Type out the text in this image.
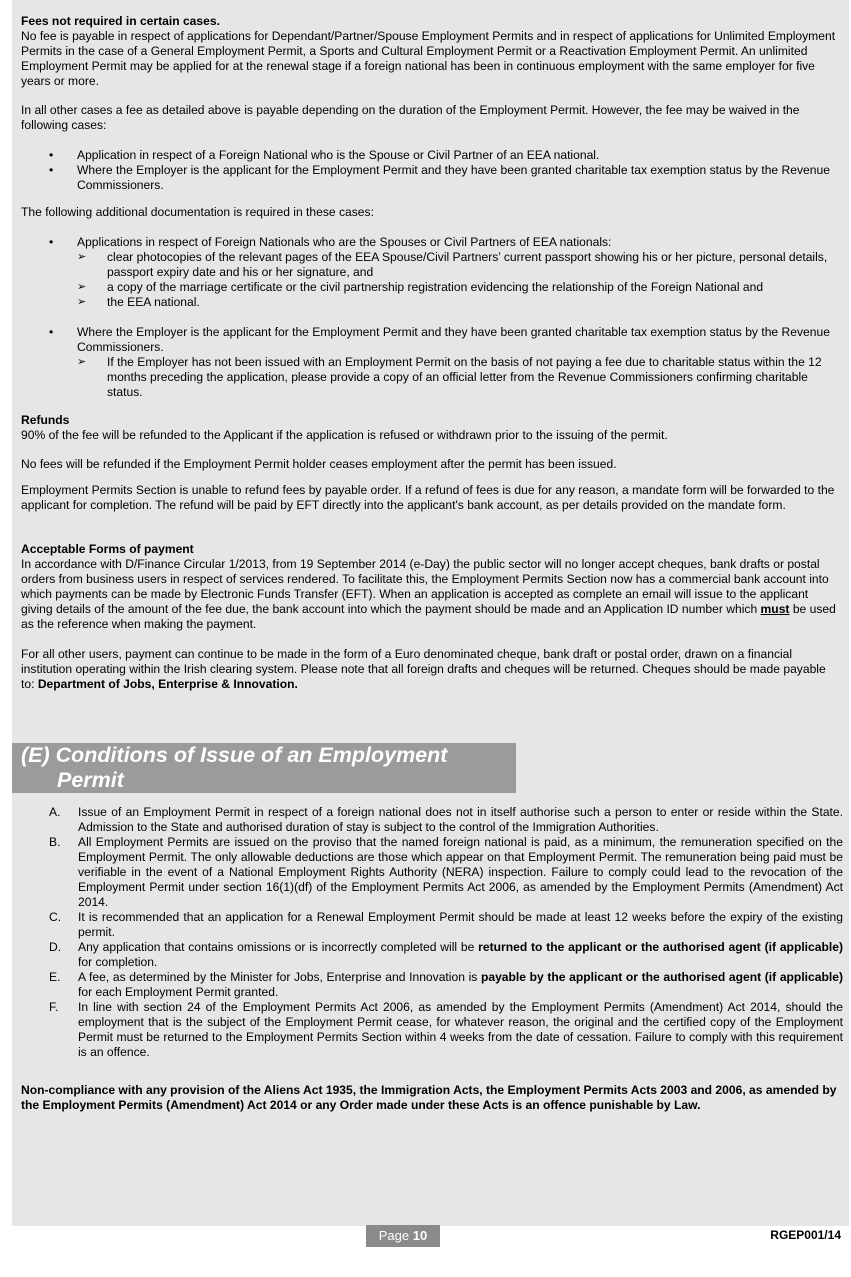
Fees not required in certain cases.

No fee is payable in respect of applications for Dependant/Partner/Spouse Employment Permits and in respect of applications for Unlimited Employment Permits in the case of a General Employment Permit, a Sports and Cultural Employment Permit or a Reactivation Employment Permit. An unlimited Employment Permit may be applied for at the renewal stage if a foreign national has been in continuous employment with the same employer for five years or more.

In all other cases a fee as detailed above is payable depending on the duration of the Employment Permit. However, the fee may be waived in the following cases:

• Application in respect of a Foreign National who is the Spouse or Civil Partner of an EEA national.
• Where the Employer is the applicant for the Employment Permit and they have been granted charitable tax exemption status by the Revenue Commissioners.

The following additional documentation is required in these cases:

• Applications in respect of Foreign Nationals who are the Spouses or Civil Partners of EEA nationals:
➢ clear photocopies of the relevant pages of the EEA Spouse/Civil Partners’ current passport showing his or her picture, personal details, passport expiry date and his or her signature, and
➢ a copy of the marriage certificate or the civil partnership registration evidencing the relationship of the Foreign National and
➢ the EEA national.
• Where the Employer is the applicant for the Employment Permit and they have been granted charitable tax exemption status by the Revenue Commissioners.
➢ If the Employer has not been issued with an Employment Permit on the basis of not paying a fee due to charitable status within the 12 months preceding the application, please provide a copy of an official letter from the Revenue Commissioners confirming charitable status.

Refunds

90% of the fee will be refunded to the Applicant if the application is refused or withdrawn prior to the issuing of the permit.

No fees will be refunded if the Employment Permit holder ceases employment after the permit has been issued.

Employment Permits Section is unable to refund fees by payable order. If a refund of fees is due for any reason, a mandate form will be forwarded to the applicant for completion. The refund will be paid by EFT directly into the applicant's bank account, as per details provided on the mandate form.

Acceptable Forms of payment

In accordance with D/Finance Circular 1/2013, from 19 September 2014 (e-Day) the public sector will no longer accept cheques, bank drafts or postal orders from business users in respect of services rendered. To facilitate this, the Employment Permits Section now has a commercial bank account into which payments can be made by Electronic Funds Transfer (EFT). When an application is accepted as complete an email will issue to the applicant giving details of the amount of the fee due, the bank account into which the payment should be made and an Application ID number which must be used as the reference when making the payment.

For all other users, payment can continue to be made in the form of a Euro denominated cheque, bank draft or postal order, drawn on a financial institution operating within the Irish clearing system. Please note that all foreign drafts and cheques will be returned. Cheques should be made payable to: Department of Jobs, Enterprise & Innovation.

(E) Conditions of Issue of an Employment
Permit
A. Issue of an Employment Permit in respect of a foreign national does not in itself authorise such a person to enter or reside within the State. Admission to the State and authorised duration of stay is subject to the control of the Immigration Authorities.
B. All Employment Permits are issued on the proviso that the named foreign national is paid, as a minimum, the remuneration specified on the Employment Permit. The only allowable deductions are those which appear on that Employment Permit. The remuneration being paid must be verifiable in the event of a National Employment Rights Authority (NERA) inspection. Failure to comply could lead to the revocation of the Employment Permit under section 16(1)(df) of the Employment Permits Act 2006, as amended by the Employment Permits (Amendment) Act 2014.
C. It is recommended that an application for a Renewal Employment Permit should be made at least 12 weeks before the expiry of the existing permit.
D. Any application that contains omissions or is incorrectly completed will be returned to the applicant or the authorised agent (if applicable) for completion.
E. A fee, as determined by the Minister for Jobs, Enterprise and Innovation is payable by the applicant or the authorised agent (if applicable) for each Employment Permit granted.
F. In line with section 24 of the Employment Permits Act 2006, as amended by the Employment Permits (Amendment) Act 2014, should the employment that is the subject of the Employment Permit cease, for whatever reason, the original and the certified copy of the Employment Permit must be returned to the Employment Permits Section within 4 weeks from the date of cessation. Failure to comply with this requirement is an offence.
Non-compliance with any provision of the Aliens Act 1935, the Immigration Acts, the Employment Permits Acts 2003 and 2006, as amended by the Employment Permits (Amendment) Act 2014 or any Order made under these Acts is an offence punishable by Law.
Page 10	RGEP001/14
